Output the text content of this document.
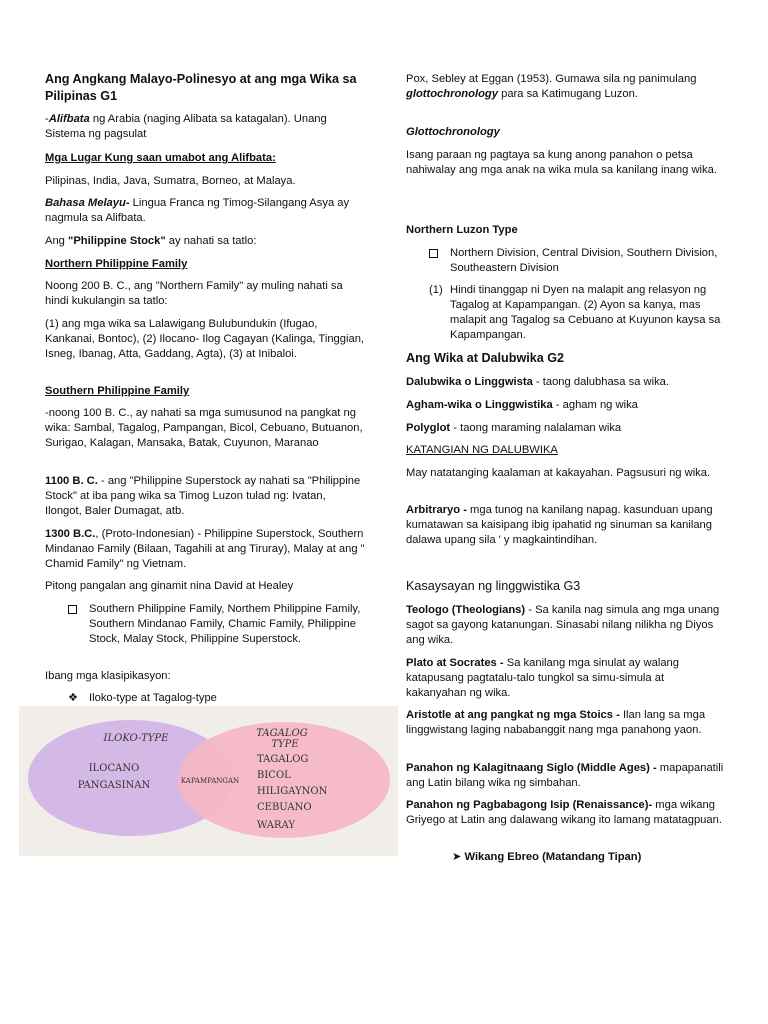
Ang Angkang Malayo-Polinesyo at ang mga Wika sa Pilipinas G1

-Alifbata ng Arabia (naging Alibata sa katagalan). Unang Sistema ng pagsulat

Mga Lugar Kung saan umabot ang Alifbata:

Pilipinas, India, Java, Sumatra, Borneo, at Malaya.

Bahasa Melayu- Lingua Franca ng Timog-Silangang Asya ay nagmula sa Alifbata.

Ang "Philippine Stock" ay nahati sa tatlo:

Northern Philippine Family

Noong 200 B. C., ang "Northern Family" ay muling nahati sa hindi kukulangin sa tatlo:

(1) ang mga wika sa Lalawigang Bulubundukin (Ifugao, Kankanai, Bontoc), (2) Ilocano- Ilog Cagayan (Kalinga, Tinggian, Isneg, Ibanag, Atta, Gaddang, Agta), (3) at Inibaloi.

Southern Philippine Family

-noong 100 B. C., ay nahati sa mga sumusunod na pangkat ng wika: Sambal, Tagalog, Pampangan, Bicol, Cebuano, Butuanon, Surigao, Kalagan, Mansaka, Batak, Cuyunon, Maranao

1100 B. C. - ang "Philippine Superstock ay nahati sa "Philippine Stock" at iba pang wika sa Timog Luzon tulad ng: Ivatan, Ilongot, Baler Dumagat, atb.

1300 B.C., (Proto-Indonesian) - Philippine Superstock, Southern Mindanao Family (Bilaan, Tagahili at ang Tiruray), Malay at ang " Chamid Family" ng Vietnam.

Pitong pangalan ang ginamit nina David at Healey

Southern Philippine Family, Northem Philippine Family, Southern Mindanao Family, Chamic Family, Philippine Stock, Malay Stock, Philippine Superstock.

Ibang mga klasipikasyon:

❖ Iloko-type at Tagalog-type
ILOKO-TYPE
ILOCANO
PANGASINAN	KAPAMPANGAN
TAGALOG
TYPE
TAGALOG
BICOL
HILIGAYNON
CEBUANO
WARAY

Pox, Sebley at Eggan (1953). Gumawa sila ng panimulang glottochronology para sa Katimugang Luzon.

Glottochronology

Isang paraan ng pagtaya sa kung anong panahon o petsa nahiwalay ang mga anak na wika mula sa kanilang inang wika.

Northern Luzon Type

Northern Division, Central Division, Southern Division, Southeastern Division
(1) Hindi tinanggap ni Dyen na malapit ang relasyon ng Tagalog at Kapampangan. (2) Ayon sa kanya, mas malapit ang Tagalog sa Cebuano at Kuyunon kaysa sa Kapampangan.

Ang Wika at Dalubwika G2

Dalubwika o Linggwista - taong dalubhasa sa wika.

Agham-wika o Linggwistika - agham ng wika

Polyglot - taong maraming nalalaman wika

KATANGIAN NG DALUBWIKA

May natatanging kaalaman at kakayahan. Pagsusuri ng wika.

Arbitraryo - mga tunog na kanilang napag. kasunduan upang kumatawan sa kaisipang ibig ipahatid ng sinuman sa kanilang dalawa upang sila ' y magkaintindihan.

Kasaysayan ng linggwistika G3

Teologo (Theologians) - Sa kanila nag simula ang mga unang sagot sa gayong katanungan. Sinasabi nilang nilikha ng Diyos ang wika.

Plato at Socrates - Sa kanilang mga sinulat ay walang katapusang pagtatalu-talo tungkol sa simu-simula at kakanyahan ng wika.

Aristotle at ang pangkat ng mga Stoics - Ilan lang sa mga linggwistang laging nababanggit nang mga panahong yaon.

Panahon ng Kalagitnaang Siglo (Middle Ages) - mapapanatili ang Latin bilang wika ng simbahan.

Panahon ng Pagbabagong Isip (Renaissance)- mga wikang Griyego at Latin ang dalawang wikang ito lamang matatagpuan.

➤ Wikang Ebreo (Matandang Tipan)
